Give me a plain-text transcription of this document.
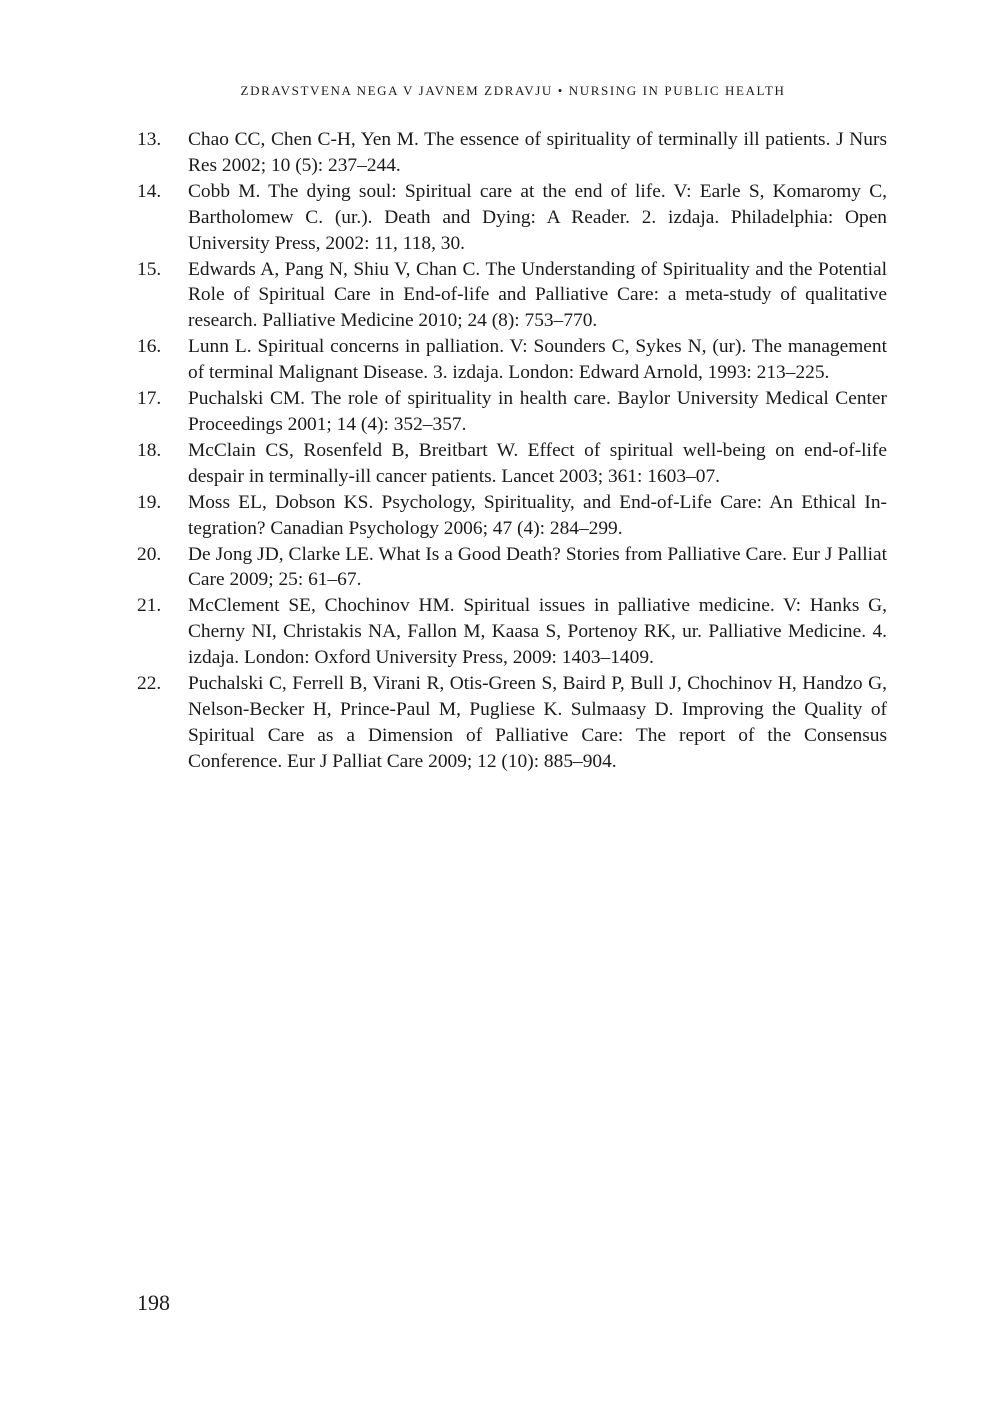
ZDRAVSTVENA NEGA V JAVNEM ZDRAVJU • NURSING IN PUBLIC HEALTH
13. Chao CC, Chen C-H, Yen M. The essence of spirituality of terminally ill patients. J Nurs Res 2002; 10 (5): 237–244.
14. Cobb M. The dying soul: Spiritual care at the end of life. V: Earle S, Komaromy C, Bartholomew C. (ur.). Death and Dying: A Reader. 2. izdaja. Philadelphia: Open University Press, 2002: 11, 118, 30.
15. Edwards A, Pang N, Shiu V, Chan C. The Understanding of Spirituality and the Potential Role of Spiritual Care in End-of-life and Palliative Care: a meta-study of qualitative research. Palliative Medicine 2010; 24 (8): 753–770.
16. Lunn L. Spiritual concerns in palliation. V: Sounders C, Sykes N, (ur). The management of terminal Malignant Disease. 3. izdaja. London: Edward Arnold, 1993: 213–225.
17. Puchalski CM. The role of spirituality in health care. Baylor University Medical Center Proceedings 2001; 14 (4): 352–357.
18. McClain CS, Rosenfeld B, Breitbart W. Effect of spiritual well-being on end-of-life despair in terminally-ill cancer patients. Lancet 2003; 361: 1603–07.
19. Moss EL, Dobson KS. Psychology, Spirituality, and End-of-Life Care: An Ethical Integration? Canadian Psychology 2006; 47 (4): 284–299.
20. De Jong JD, Clarke LE. What Is a Good Death? Stories from Palliative Care. Eur J Palliat Care 2009; 25: 61–67.
21. McClement SE, Chochinov HM. Spiritual issues in palliative medicine. V: Hanks G, Cherny NI, Christakis NA, Fallon M, Kaasa S, Portenoy RK, ur. Palliative Medicine. 4. izdaja. London: Oxford University Press, 2009: 1403–1409.
22. Puchalski C, Ferrell B, Virani R, Otis-Green S, Baird P, Bull J, Chochinov H, Handzo G, Nelson-Becker H, Prince-Paul M, Pugliese K. Sulmaasy D. Improving the Quality of Spiritual Care as a Dimension of Palliative Care: The report of the Consensus Conference. Eur J Palliat Care 2009; 12 (10): 885–904.
198
